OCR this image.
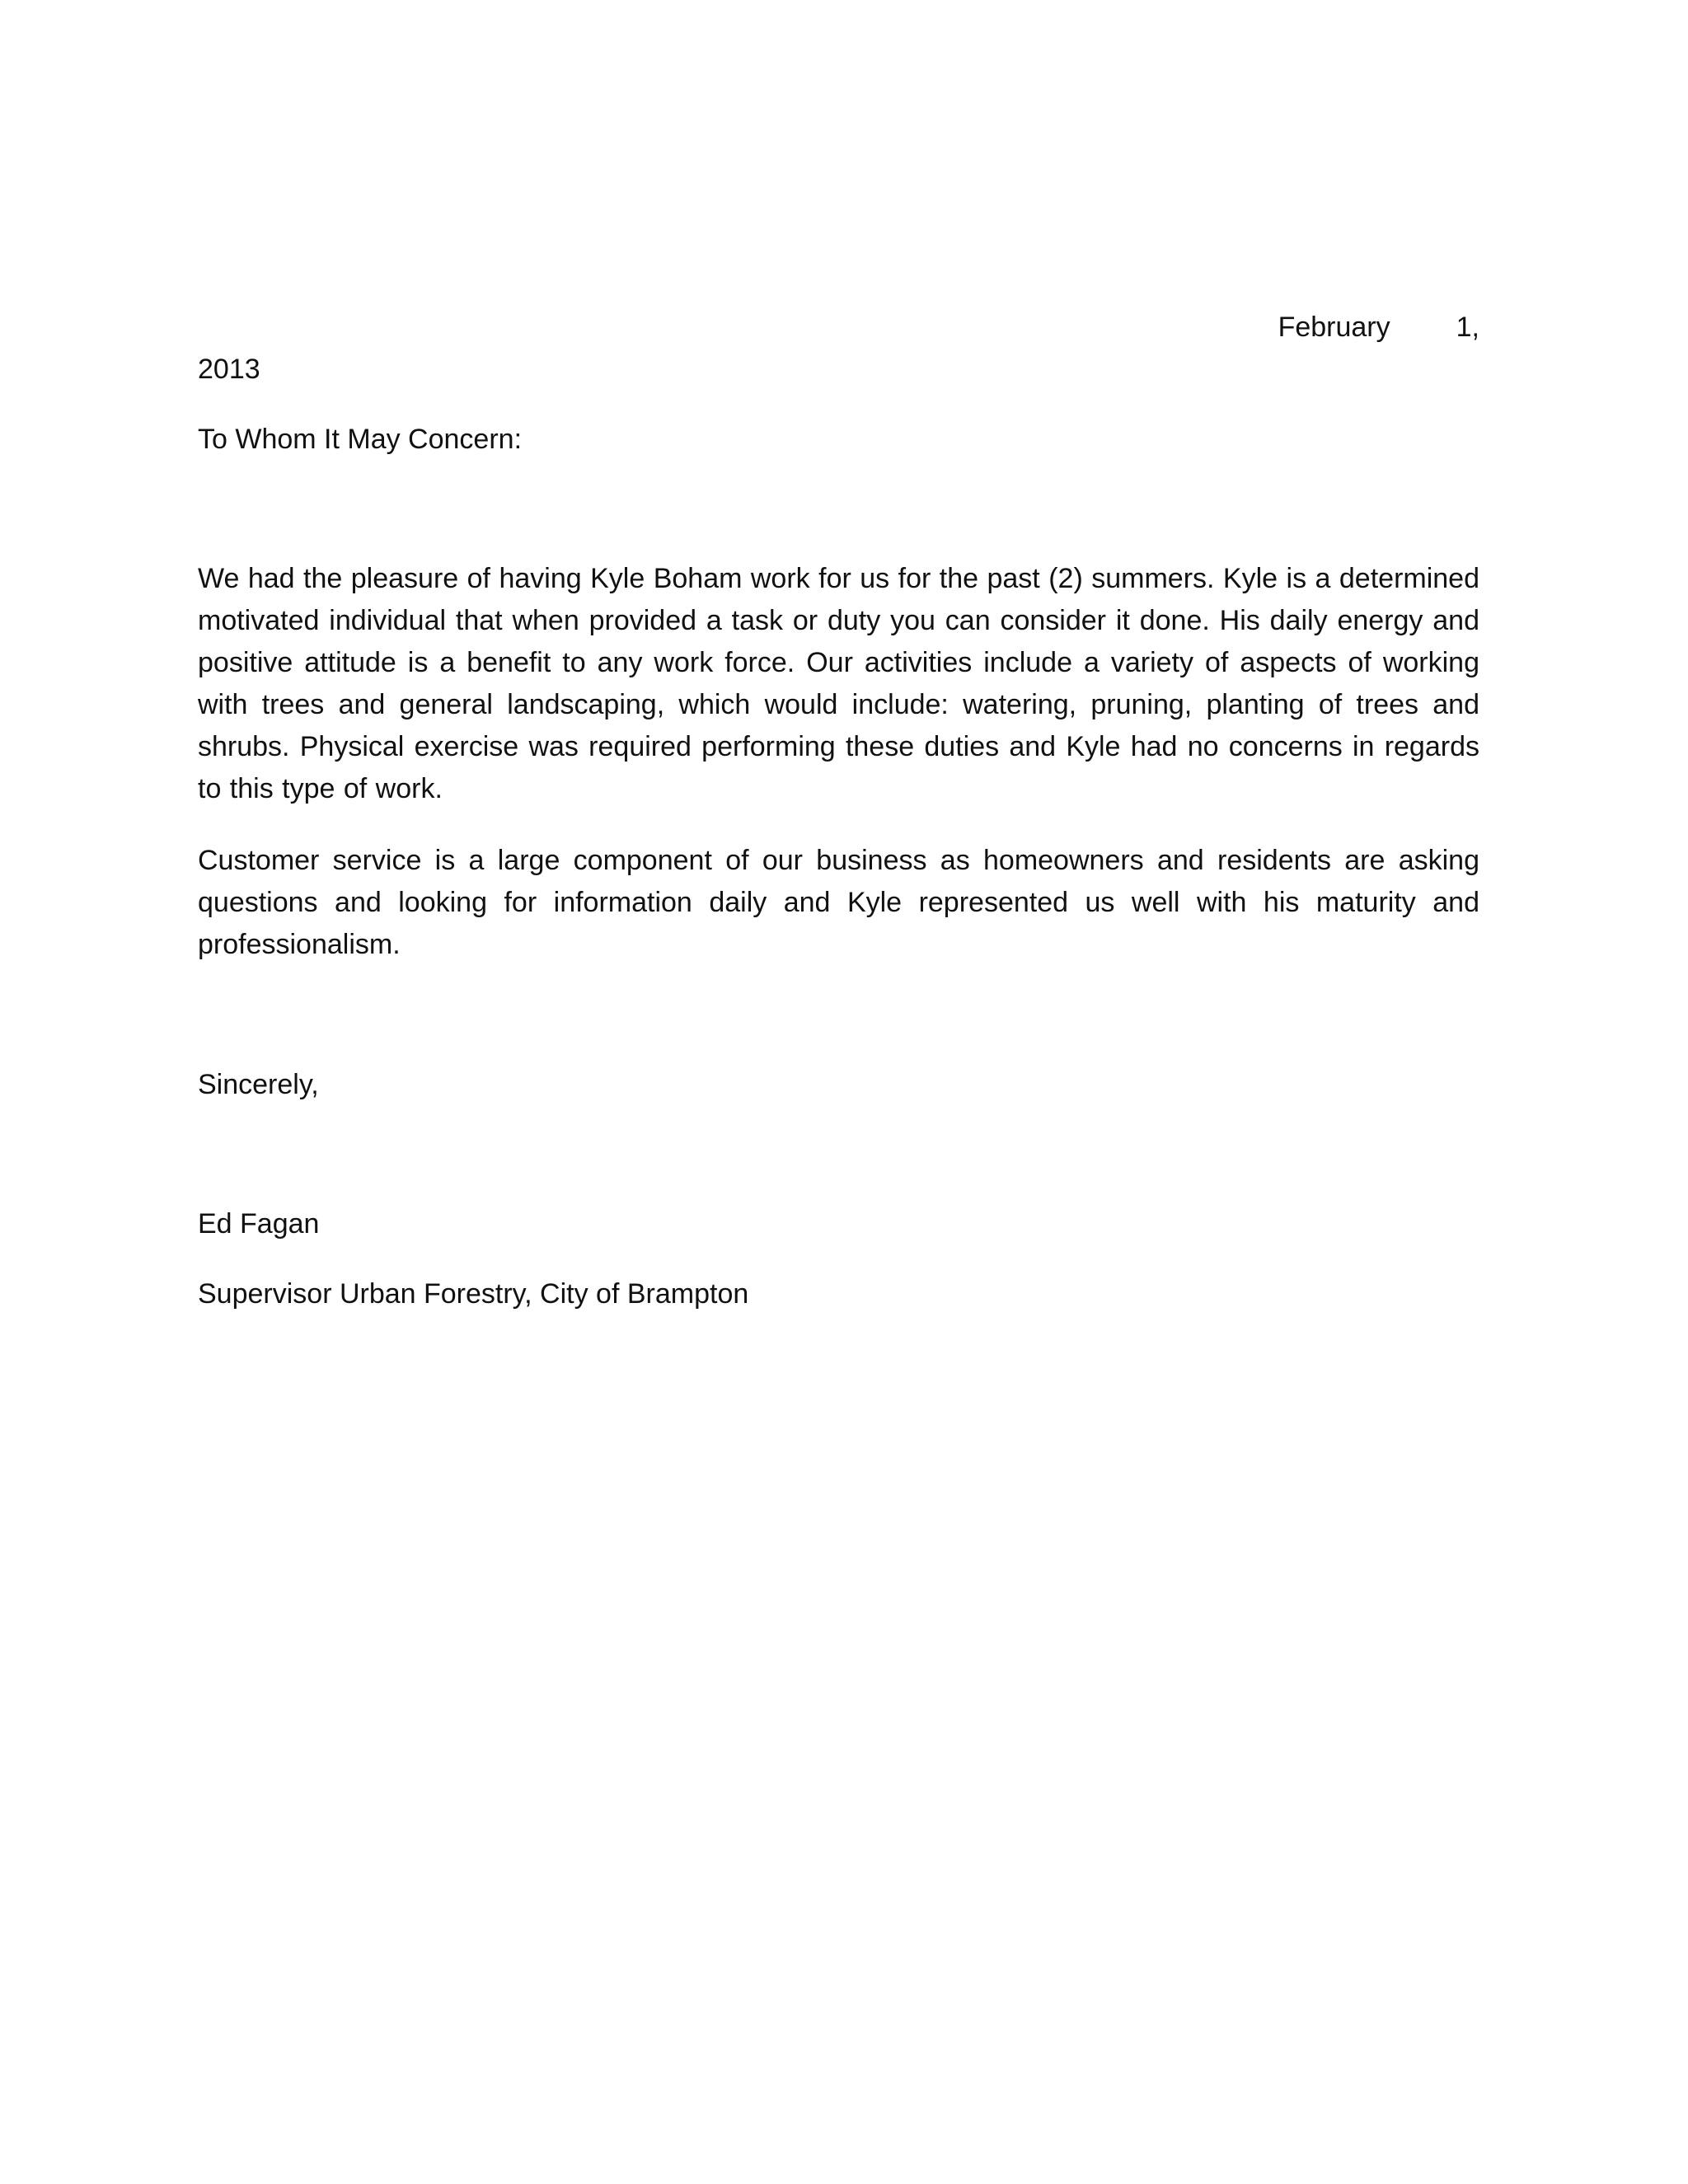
February 1,
2013
To Whom It May Concern:

We had the pleasure of having Kyle Boham work for us for the past (2) summers. Kyle is a determined motivated individual that when provided a task or duty you can consider it done. His daily energy and positive attitude is a benefit to any work force. Our activities include a variety of aspects of working with trees and general landscaping, which would include: watering, pruning, planting of trees and shrubs. Physical exercise was required performing these duties and Kyle had no concerns in regards to this type of work.

Customer service is a large component of our business as homeowners and residents are asking questions and looking for information daily and Kyle represented us well with his maturity and professionalism.

Sincerely,
Ed Fagan
Supervisor Urban Forestry, City of Brampton
